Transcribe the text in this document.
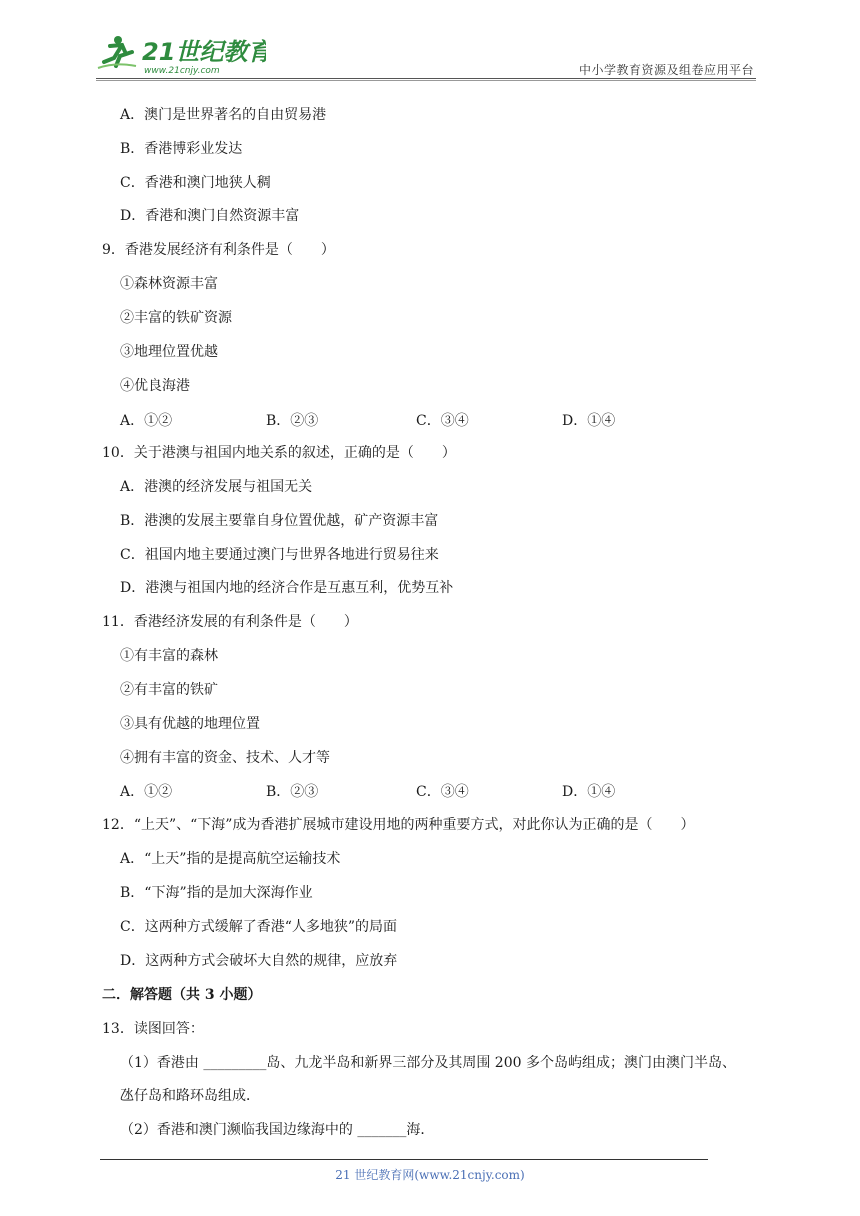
21世纪教育
www.21cnjy.com	中小学教育资源及组卷应用平台
A．澳门是世界著名的自由贸易港
B．香港博彩业发达
C．香港和澳门地狭人稠
D．香港和澳门自然资源丰富
9．香港发展经济有利条件是（　　）
①森林资源丰富
②丰富的铁矿资源
③地理位置优越
④优良海港
A．①②	B．②③	C．③④	D．①④
10．关于港澳与祖国内地关系的叙述，正确的是（　　）
A．港澳的经济发展与祖国无关
B．港澳的发展主要靠自身位置优越，矿产资源丰富
C．祖国内地主要通过澳门与世界各地进行贸易往来
D．港澳与祖国内地的经济合作是互惠互利，优势互补
11．香港经济发展的有利条件是（　　）
①有丰富的森林
②有丰富的铁矿
③具有优越的地理位置
④拥有丰富的资金、技术、人才等
A．①②	B．②③	C．③④	D．①④
12．“上天”、“下海”成为香港扩展城市建设用地的两种重要方式，对此你认为正确的是（　　）
A．“上天”指的是提高航空运输技术
B．“下海”指的是加大深海作业
C．这两种方式缓解了香港“人多地狭”的局面
D．这两种方式会破坏大自然的规律，应放弃
二．解答题（共 3 小题）
13．读图回答：
（1）香港由 _________岛、九龙半岛和新界三部分及其周围 200 多个岛屿组成；澳门由澳门半岛、
氹仔岛和路环岛组成．
（2）香港和澳门濒临我国边缘海中的 _______海．
21 世纪教育网(www.21cnjy.com)
